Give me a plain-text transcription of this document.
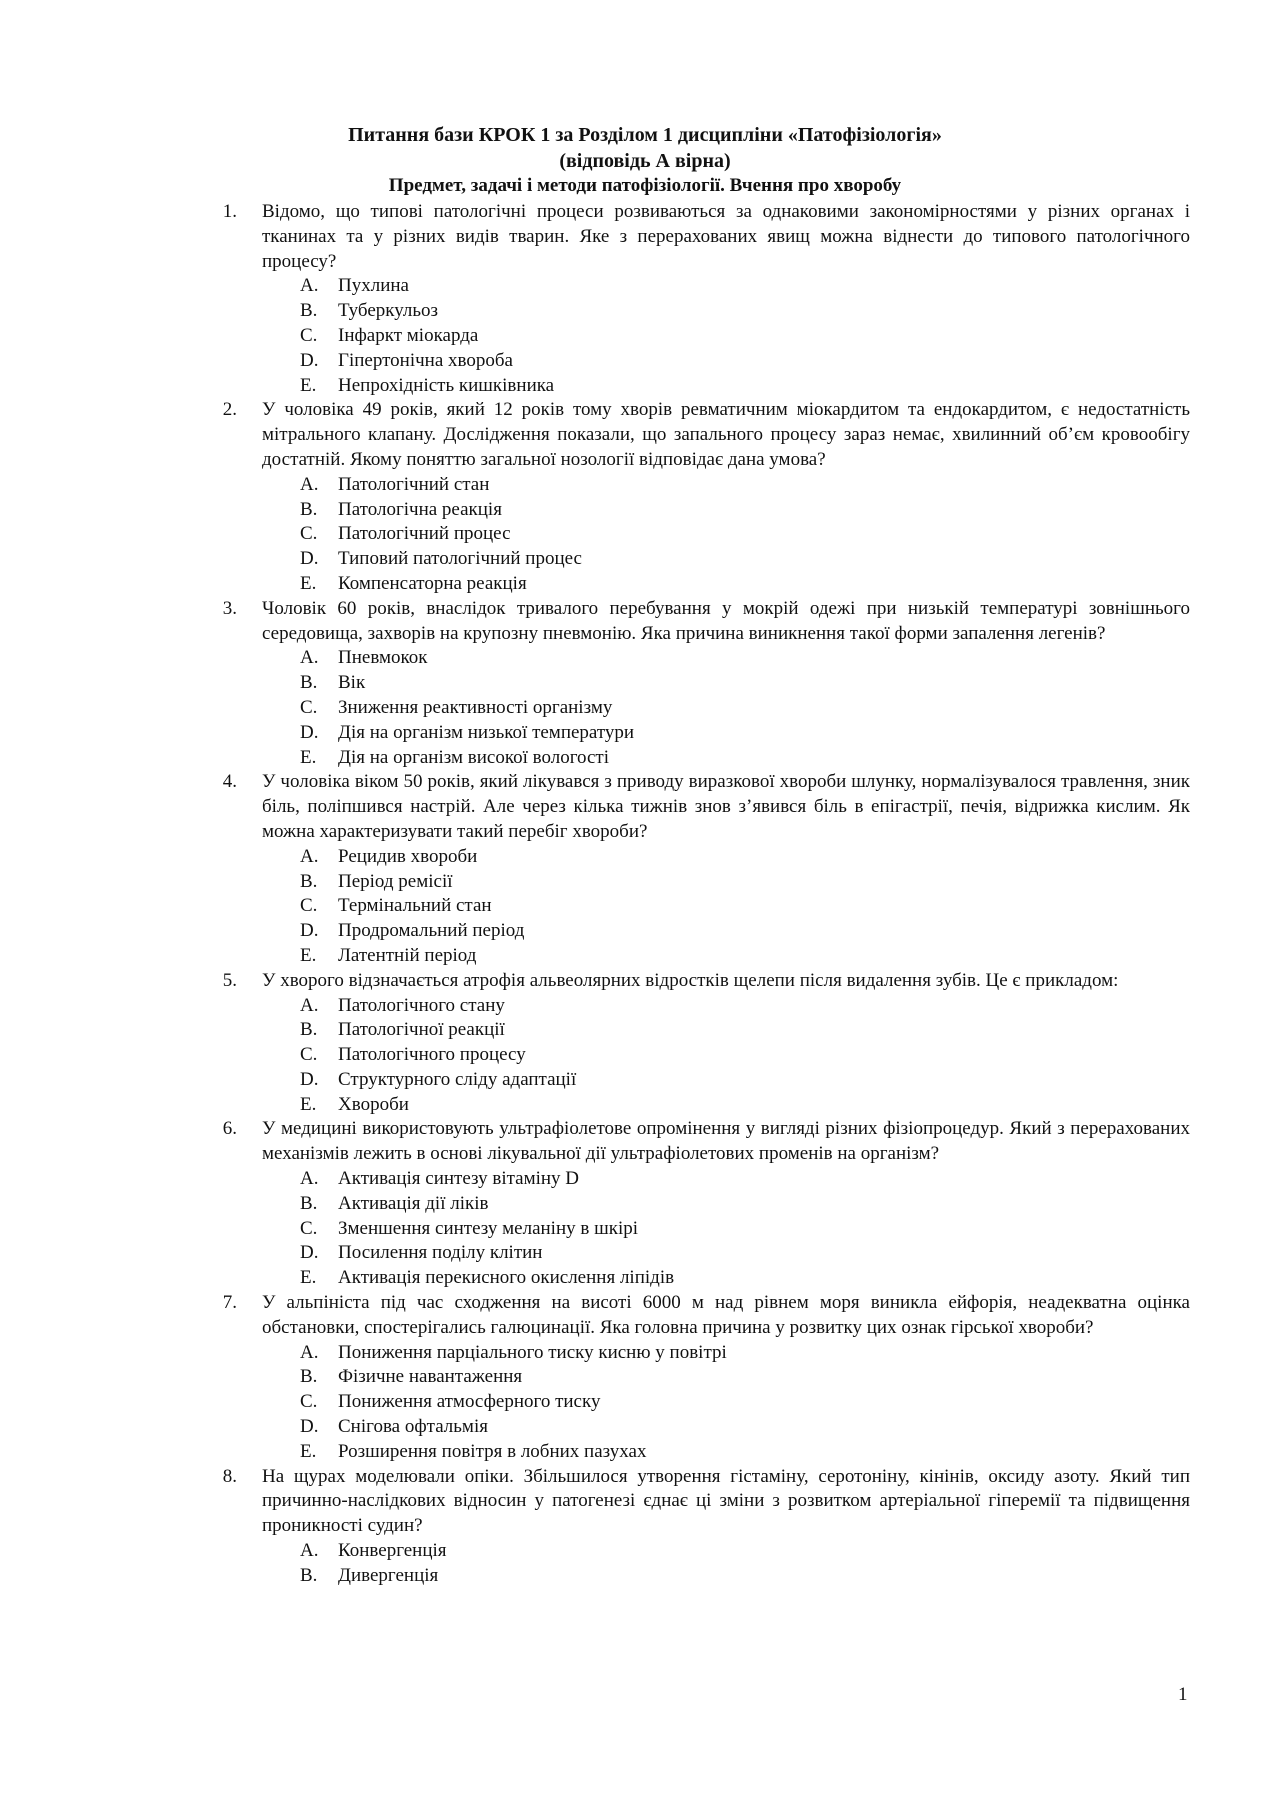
Питання бази КРОК 1 за Розділом 1 дисципліни «Патофізіологія»
(відповідь А вірна)
Предмет, задачі і методи патофізіології. Вчення про хворобу
1. Відомо, що типові патологічні процеси розвиваються за однаковими закономірностями у різних органах і тканинах та у різних видів тварин. Яке з перерахованих явищ можна віднести до типового патологічного процесу?
A. Пухлина
B. Туберкульоз
C. Інфаркт міокарда
D. Гіпертонічна хвороба
E. Непрохідність кишківника
2. У чоловіка 49 років, який 12 років тому хворів ревматичним міокардитом та ендокардитом, є недостатність мітрального клапану. Дослідження показали, що запального процесу зараз немає, хвилинний об’єм кровообігу достатній. Якому поняттю загальної нозології відповідає дана умова?
A. Патологічний стан
B. Патологічна реакція
C. Патологічний процес
D. Типовий патологічний процес
E. Компенсаторна реакція
3. Чоловік 60 років, внаслідок тривалого перебування у мокрій одежі при низькій температурі зовнішнього середовища, захворів на крупозну пневмонію. Яка причина виникнення такої форми запалення легенів?
A. Пневмокок
B. Вік
C. Зниження реактивності організму
D. Дія на організм низької температури
E. Дія на організм високої вологості
4. У чоловіка віком 50 років, який лікувався з приводу виразкової хвороби шлунку, нормалізувалося травлення, зник біль, поліпшився настрій. Але через кілька тижнів знов з’явився біль в епігастрії, печія, відрижка кислим. Як можна характеризувати такий перебіг хвороби?
A. Рецидив хвороби
B. Період ремісії
C. Термінальний стан
D. Продромальний період
E. Латентній період
5. У хворого відзначається атрофія альвеолярних відростків щелепи після видалення зубів. Це є прикладом:
A. Патологічного стану
B. Патологічної реакції
C. Патологічного процесу
D. Структурного сліду адаптації
E. Хвороби
6. У медицині використовують ультрафіолетове опромінення у вигляді різних фізіопроцедур. Який з перерахованих механізмів лежить в основі лікувальної дії ультрафіолетових променів на організм?
A. Активація синтезу вітаміну D
B. Активація дії ліків
C. Зменшення синтезу меланіну в шкірі
D. Посилення поділу клітин
E. Активація перекисного окислення ліпідів
7. У альпініста під час сходження на висоті 6000 м над рівнем моря виникла ейфорія, неадекватна оцінка обстановки, спостерігались галюцинації. Яка головна причина у розвитку цих ознак гірської хвороби?
A. Пониження парціального тиску кисню у повітрі
B. Фізичне навантаження
C. Пониження атмосферного тиску
D. Снігова офтальмія
E. Розширення повітря в лобних пазухах
8. На щурах моделювали опіки. Збільшилося утворення гістаміну, серотоніну, кінінів, оксиду азоту. Який тип причинно-наслідкових відносин у патогенезі єднає ці зміни з розвитком артеріальної гіперемії та підвищення проникності судин?
A. Конвергенція
B. Дивергенція
1
